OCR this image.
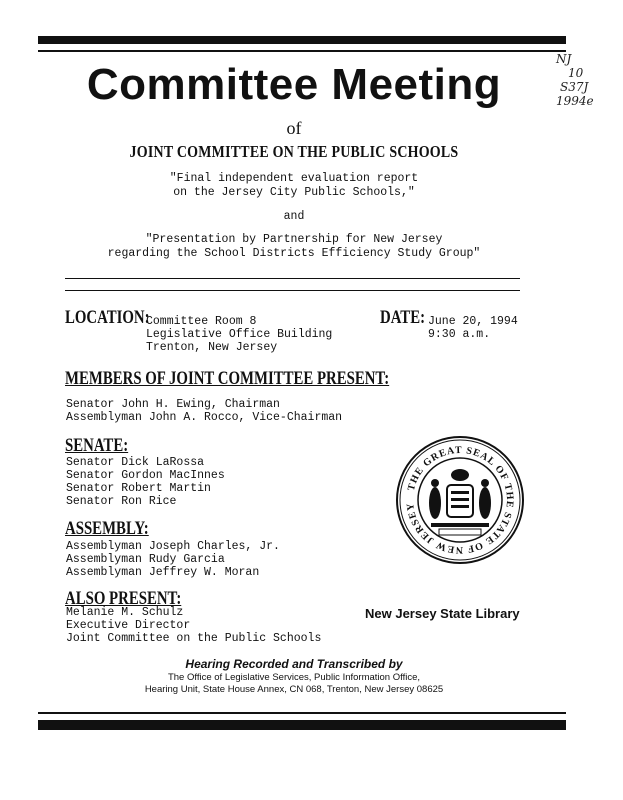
NJ
10
S37J
1994e
Committee Meeting
of
JOINT COMMITTEE ON THE PUBLIC SCHOOLS
"Final independent evaluation report
on the Jersey City Public Schools,"
and
"Presentation by Partnership for New Jersey
regarding the School Districts Efficiency Study Group"
LOCATION:
Committee Room 8
Legislative Office Building
Trenton, New Jersey
DATE: June 20, 1994
9:30 a.m.
MEMBERS OF JOINT COMMITTEE PRESENT:
Senator John H. Ewing, Chairman
Assemblyman John A. Rocco, Vice-Chairman
SENATE:
Senator Dick LaRossa
Senator Gordon MacInnes
Senator Robert Martin
Senator Ron Rice
ASSEMBLY:
Assemblyman Joseph Charles, Jr.
Assemblyman Rudy Garcia
Assemblyman Jeffrey W. Moran
ALSO PRESENT:
Melanie M. Schulz
Executive Director
Joint Committee on the Public Schools
THE GREAT SEAL OF THE STATE OF NEW JERSEY
New Jersey State Library
Hearing Recorded and Transcribed by
The Office of Legislative Services, Public Information Office,
Hearing Unit, State House Annex, CN 068, Trenton, New Jersey 08625
